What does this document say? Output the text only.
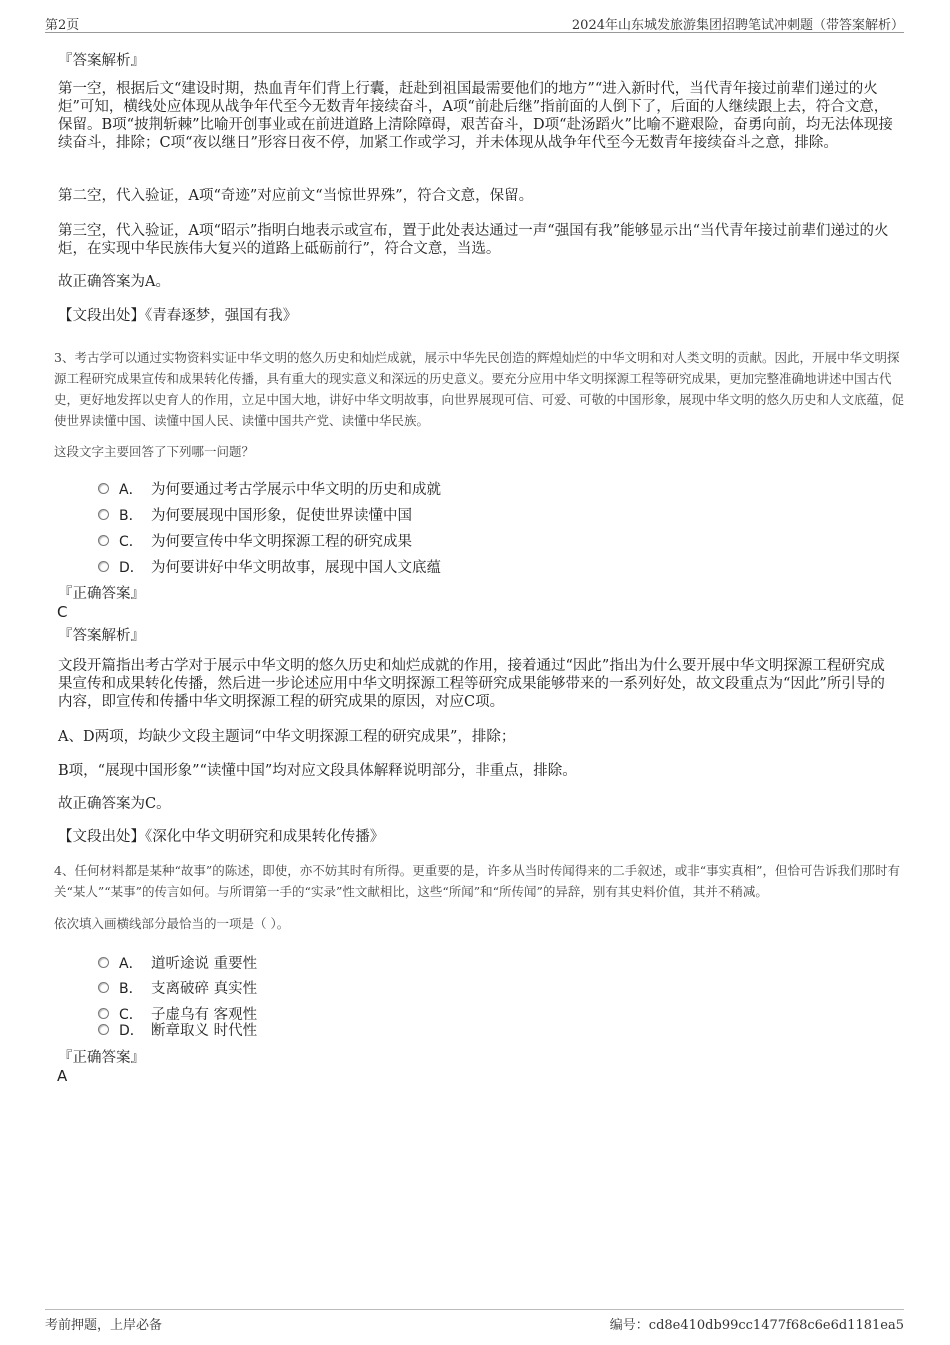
第2页	2024年山东城发旅游集团招聘笔试冲刺题（带答案解析）
『答案解析』
第一空，根据后文“建设时期，热血青年们背上行囊，赶赴到祖国最需要他们的地方”“进入新时代，当代青年接过前辈们递过的火炬”可知，横线处应体现从战争年代至今无数青年接续奋斗，A项“前赴后继”指前面的人倒下了，后面的人继续跟上去，符合文意，保留。B项“披荆斩棘”比喻开创事业或在前进道路上清除障碍，艰苦奋斗，D项“赴汤蹈火”比喻不避艰险，奋勇向前，均无法体现接续奋斗，排除；C项“夜以继日”形容日夜不停，加紧工作或学习，并未体现从战争年代至今无数青年接续奋斗之意，排除。
第二空，代入验证，A项“奇迹”对应前文“当惊世界殊”，符合文意，保留。
第三空，代入验证，A项“昭示”指明白地表示或宣布，置于此处表达通过一声“强国有我”能够显示出“当代青年接过前辈们递过的火炬，在实现中华民族伟大复兴的道路上砥砺前行”，符合文意，当选。
故正确答案为A。
【文段出处】《青春逐梦，强国有我》
3、考古学可以通过实物资料实证中华文明的悠久历史和灿烂成就，展示中华先民创造的辉煌灿烂的中华文明和对人类文明的贡献。因此，开展中华文明探源工程研究成果宣传和成果转化传播，具有重大的现实意义和深远的历史意义。要充分应用中华文明探源工程等研究成果，更加完整准确地讲述中国古代史，更好地发挥以史育人的作用，立足中国大地，讲好中华文明故事，向世界展现可信、可爱、可敬的中国形象，展现中华文明的悠久历史和人文底蕴，促使世界读懂中国、读懂中国人民、读懂中国共产党、读懂中华民族。
这段文字主要回答了下列哪一问题？
A． 为何要通过考古学展示中华文明的历史和成就
B． 为何要展现中国形象，促使世界读懂中国
C． 为何要宣传中华文明探源工程的研究成果
D． 为何要讲好中华文明故事，展现中国人文底蕴
『正确答案』
C
『答案解析』
文段开篇指出考古学对于展示中华文明的悠久历史和灿烂成就的作用，接着通过“因此”指出为什么要开展中华文明探源工程研究成果宣传和成果转化传播，然后进一步论述应用中华文明探源工程等研究成果能够带来的一系列好处，故文段重点为“因此”所引导的内容，即宣传和传播中华文明探源工程的研究成果的原因，对应C项。
A、D两项，均缺少文段主题词“中华文明探源工程的研究成果”，排除；
B项，“展现中国形象”“读懂中国”均对应文段具体解释说明部分，非重点，排除。
故正确答案为C。
【文段出处】《深化中华文明研究和成果转化传播》
4、任何材料都是某种“故事”的陈述，即使，亦不妨其时有所得。更重要的是，许多从当时传闻得来的二手叙述，或非“事实真相”，但恰可告诉我们那时有关“某人”“某事”的传言如何。与所谓第一手的“实录”性文献相比，这些“所闻”和“所传闻”的异辞，别有其史料价值，其并不稍减。
依次填入画横线部分最恰当的一项是（ ）。
A． 道听途说 重要性
B． 支离破碎 真实性
C． 子虚乌有 客观性
D． 断章取义 时代性
『正确答案』
A
考前押题，上岸必备	编号：cd8e410db99cc1477f68c6e6d1181ea5
